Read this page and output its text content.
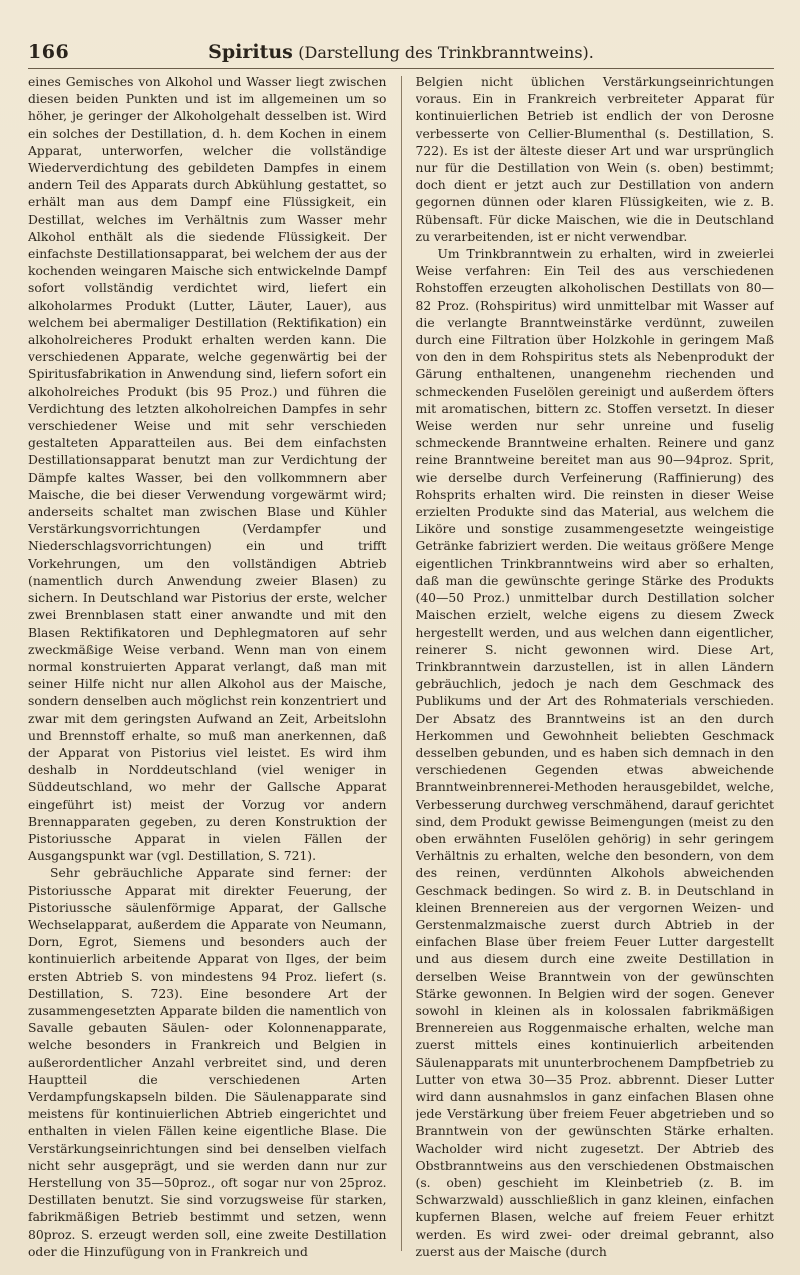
166	Spiritus (Darstellung des Trinkbranntweins).

eines Gemisches von Alkohol und Wasser liegt zwischen diesen beiden Punkten und ist im allgemeinen um so höher, je geringer der Alkoholgehalt desselben ist. Wird ein solches der Destillation, d. h. dem Kochen in einem Apparat, unterworfen, welcher die vollständige Wiederverdichtung des gebildeten Dampfes in einem andern Teil des Apparats durch Abkühlung gestattet, so erhält man aus dem Dampf eine Flüssigkeit, ein Destillat, welches im Verhältnis zum Wasser mehr Alkohol enthält als die siedende Flüssigkeit. Der einfachste Destillationsapparat, bei welchem der aus der kochenden weingaren Maische sich entwickelnde Dampf sofort vollständig verdichtet wird, liefert ein alkoholarmes Produkt (Lutter, Läuter, Lauer), aus welchem bei abermaliger Destillation (Rektifikation) ein alkoholreicheres Produkt erhalten werden kann. Die verschiedenen Apparate, welche gegenwärtig bei der Spiritusfabrikation in Anwendung sind, liefern sofort ein alkoholreiches Produkt (bis 95 Proz.) und führen die Verdichtung des letzten alkoholreichen Dampfes in sehr verschiedener Weise und mit sehr verschieden gestalteten Apparatteilen aus. Bei dem einfachsten Destillationsapparat benutzt man zur Verdichtung der Dämpfe kaltes Wasser, bei den vollkommnern aber Maische, die bei dieser Verwendung vorgewärmt wird; anderseits schaltet man zwischen Blase und Kühler Verstärkungsvorrichtungen (Verdampfer und Niederschlagsvorrichtungen) ein und trifft Vorkehrungen, um den vollständigen Abtrieb (namentlich durch Anwendung zweier Blasen) zu sichern. In Deutschland war Pistorius der erste, welcher zwei Brennblasen statt einer anwandte und mit den Blasen Rektifikatoren und Dephlegmatoren auf sehr zweckmäßige Weise verband. Wenn man von einem normal konstruierten Apparat verlangt, daß man mit seiner Hilfe nicht nur allen Alkohol aus der Maische, sondern denselben auch möglichst rein konzentriert und zwar mit dem geringsten Aufwand an Zeit, Arbeitslohn und Brennstoff erhalte, so muß man anerkennen, daß der Apparat von Pistorius viel leistet. Es wird ihm deshalb in Norddeutschland (viel weniger in Süddeutschland, wo mehr der Gallsche Apparat eingeführt ist) meist der Vorzug vor andern Brennapparaten gegeben, zu deren Konstruktion der Pistoriussche Apparat in vielen Fällen der Ausgangspunkt war (vgl. Destillation, S. 721).

Sehr gebräuchliche Apparate sind ferner: der Pistoriussche Apparat mit direkter Feuerung, der Pistoriussche säulenförmige Apparat, der Gallsche Wechselapparat, außerdem die Apparate von Neumann, Dorn, Egrot, Siemens und besonders auch der kontinuierlich arbeitende Apparat von Ilges, der beim ersten Abtrieb S. von mindestens 94 Proz. liefert (s. Destillation, S. 723). Eine besondere Art der zusammengesetzten Apparate bilden die namentlich von Savalle gebauten Säulen- oder Kolonnenapparate, welche besonders in Frankreich und Belgien in außerordentlicher Anzahl verbreitet sind, und deren Hauptteil die verschiedenen Arten Verdampfungskapseln bilden. Die Säulenapparate sind meistens für kontinuierlichen Abtrieb eingerichtet und enthalten in vielen Fällen keine eigentliche Blase. Die Verstärkungseinrichtungen sind bei denselben vielfach nicht sehr ausgeprägt, und sie werden dann nur zur Herstellung von 35—50proz., oft sogar nur von 25proz. Destillaten benutzt. Sie sind vorzugsweise für starken, fabrikmäßigen Betrieb bestimmt und setzen, wenn 80proz. S. erzeugt werden soll, eine zweite Destillation oder die Hinzufügung von in Frankreich und

Belgien nicht üblichen Verstärkungseinrichtungen voraus. Ein in Frankreich verbreiteter Apparat für kontinuierlichen Betrieb ist endlich der von Derosne verbesserte von Cellier-Blumenthal (s. Destillation, S. 722). Es ist der älteste dieser Art und war ursprünglich nur für die Destillation von Wein (s. oben) bestimmt; doch dient er jetzt auch zur Destillation von andern gegornen dünnen oder klaren Flüssigkeiten, wie z. B. Rübensaft. Für dicke Maischen, wie die in Deutschland zu verarbeitenden, ist er nicht verwendbar.

Um Trinkbranntwein zu erhalten, wird in zweierlei Weise verfahren: Ein Teil des aus verschiedenen Rohstoffen erzeugten alkoholischen Destillats von 80—82 Proz. (Rohspiritus) wird unmittelbar mit Wasser auf die verlangte Branntweinstärke verdünnt, zuweilen durch eine Filtration über Holzkohle in geringem Maß von den in dem Rohspiritus stets als Nebenprodukt der Gärung enthaltenen, unangenehm riechenden und schmeckenden Fuselölen gereinigt und außerdem öfters mit aromatischen, bittern zc. Stoffen versetzt. In dieser Weise werden nur sehr unreine und fuselig schmeckende Branntweine erhalten. Reinere und ganz reine Branntweine bereitet man aus 90—94proz. Sprit, wie derselbe durch Verfeinerung (Raffinierung) des Rohsprits erhalten wird. Die reinsten in dieser Weise erzielten Produkte sind das Material, aus welchem die Liköre und sonstige zusammengesetzte weingeistige Getränke fabriziert werden. Die weitaus größere Menge eigentlichen Trinkbranntweins wird aber so erhalten, daß man die gewünschte geringe Stärke des Produkts (40—50 Proz.) unmittelbar durch Destillation solcher Maischen erzielt, welche eigens zu diesem Zweck hergestellt werden, und aus welchen dann eigentlicher, reinerer S. nicht gewonnen wird. Diese Art, Trinkbranntwein darzustellen, ist in allen Ländern gebräuchlich, jedoch je nach dem Geschmack des Publikums und der Art des Rohmaterials verschieden. Der Absatz des Branntweins ist an den durch Herkommen und Gewohnheit beliebten Geschmack desselben gebunden, und es haben sich demnach in den verschiedenen Gegenden etwas abweichende Branntweinbrennerei-Methoden herausgebildet, welche, Verbesserung durchweg verschmähend, darauf gerichtet sind, dem Produkt gewisse Beimengungen (meist zu den oben erwähnten Fuselölen gehörig) in sehr geringem Verhältnis zu erhalten, welche den besondern, von dem des reinen, verdünnten Alkohols abweichenden Geschmack bedingen. So wird z. B. in Deutschland in kleinen Brennereien aus der vergornen Weizen- und Gerstenmalzmaische zuerst durch Abtrieb in der einfachen Blase über freiem Feuer Lutter dargestellt und aus diesem durch eine zweite Destillation in derselben Weise Branntwein von der gewünschten Stärke gewonnen. In Belgien wird der sogen. Genever sowohl in kleinen als in kolossalen fabrikmäßigen Brennereien aus Roggenmaische erhalten, welche man zuerst mittels eines kontinuierlich arbeitenden Säulenapparats mit ununterbrochenem Dampfbetrieb zu Lutter von etwa 30—35 Proz. abbrennt. Dieser Lutter wird dann ausnahmslos in ganz einfachen Blasen ohne jede Verstärkung über freiem Feuer abgetrieben und so Branntwein von der gewünschten Stärke erhalten. Wacholder wird nicht zugesetzt. Der Abtrieb des Obstbranntweins aus den verschiedenen Obstmaischen (s. oben) geschieht im Kleinbetrieb (z. B. im Schwarzwald) ausschließlich in ganz kleinen, einfachen kupfernen Blasen, welche auf freiem Feuer erhitzt werden. Es wird zwei- oder dreimal gebrannt, also zuerst aus der Maische (durch
